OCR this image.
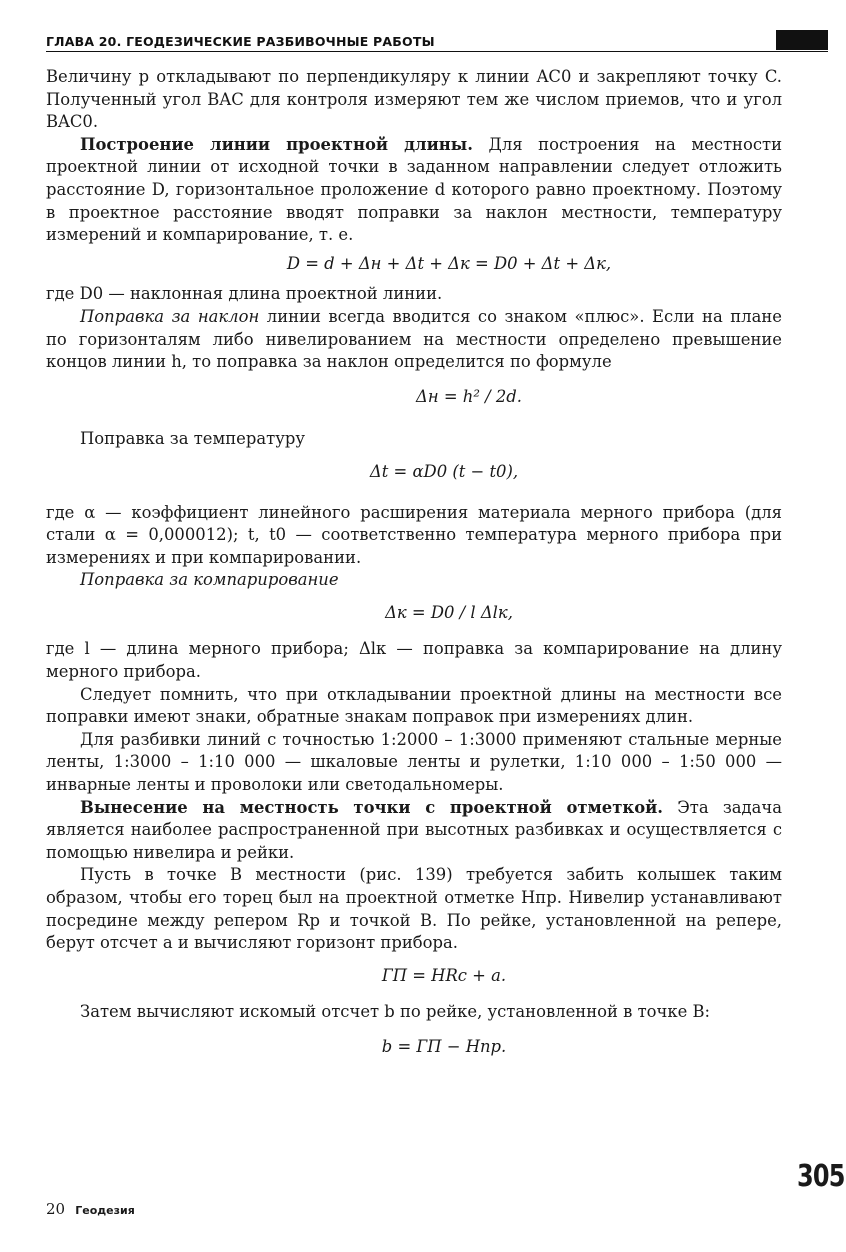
ГЛАВА 20. ГЕОДЕЗИЧЕСКИЕ РАЗБИВОЧНЫЕ РАБОТЫ

Величину p откладывают по перпендикуляру к линии AC0 и закрепляют точку C. Полученный угол BAC для контроля измеряют тем же числом приемов, что и угол BAC0.

Построение линии проектной длины. Для построения на местности проектной линии от исходной точки в заданном направлении следует отложить расстояние D, горизонтальное проложение d которого равно проектному. Поэтому в проектное расстояние вводят поправки за наклон местности, температуру измерений и компарирование, т. е.

D = d + Δн + Δt + Δк = D0 + Δt + Δк,

где D0 — наклонная длина проектной линии.

Поправка за наклон линии всегда вводится со знаком «плюс». Если на плане по горизонталям либо нивелированием на местности определено превышение концов линии h, то поправка за наклон определится по формуле

Δн = h² / 2d.

Поправка за температуру

Δt = αD0 (t − t0),

где α — коэффициент линейного расширения материала мерного прибора (для стали α = 0,000012); t, t0 — соответственно температура мерного прибора при измерениях и при компарировании.

Поправка за компарирование

Δк = D0 / l Δlк,

где l — длина мерного прибора; Δlк — поправка за компарирование на длину мерного прибора.

Следует помнить, что при откладывании проектной длины на местности все поправки имеют знаки, обратные знакам поправок при измерениях длин.

Для разбивки линий с точностью 1:2000 – 1:3000 применяют стальные мерные ленты, 1:3000 – 1:10 000 — шкаловые ленты и рулетки, 1:10 000 – 1:50 000 — инварные ленты и проволоки или светодальномеры.

Вынесение на местность точки с проектной отметкой. Эта задача является наиболее распространенной при высотных разбивках и осуществляется с помощью нивелира и рейки.

Пусть в точке B местности (рис. 139) требуется забить колышек таким образом, чтобы его торец был на проектной отметке Hпр. Нивелир устанавливают посредине между репером Rр и точкой B. По рейке, установленной на репере, берут отсчет a и вычисляют горизонт прибора.

ГП = HRс + a.

Затем вычисляют искомый отсчет b по рейке, установленной в точке B:

b = ГП − Hпр.
20 Геодезия
305
